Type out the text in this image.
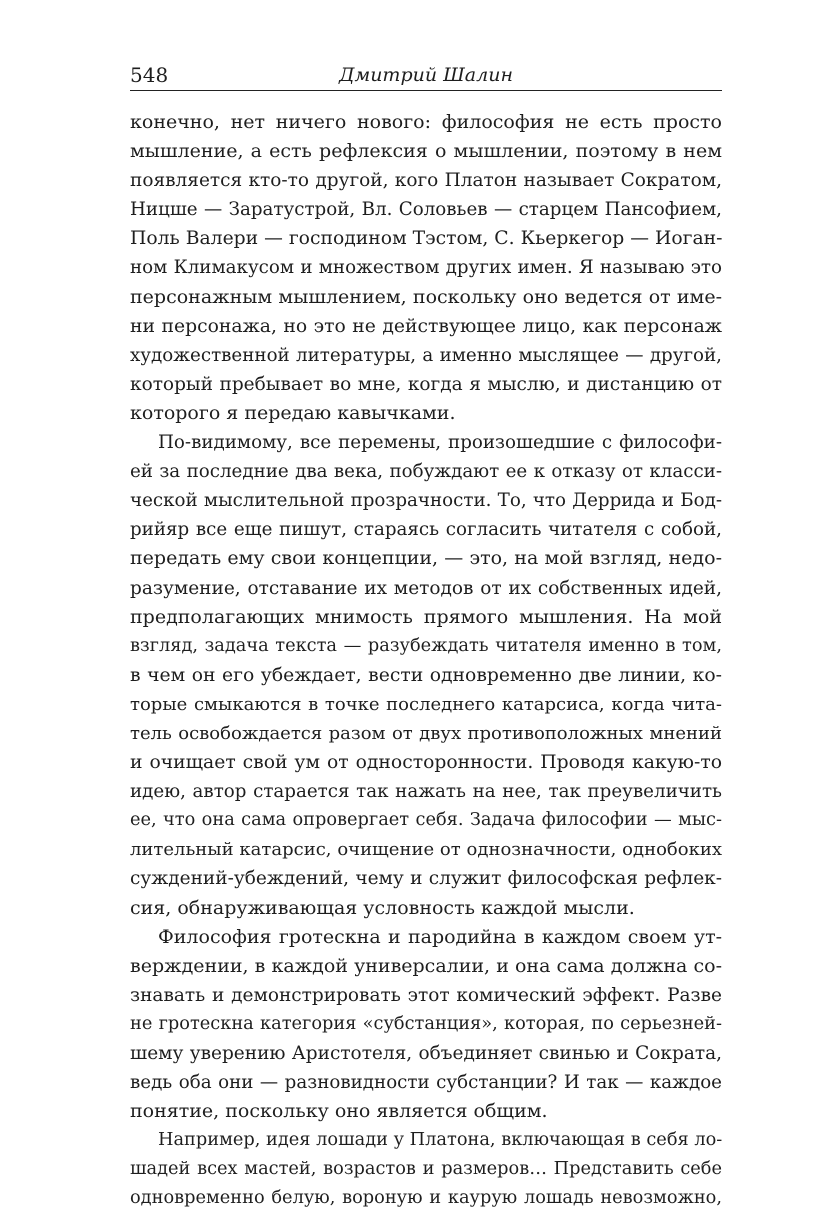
548	Дмитрий Шалин
конечно, нет ничего нового: философия не есть просто
мышление, а есть рефлексия о мышлении, поэтому в нем
появляется кто-то другой, кого Платон называет Сократом,
Ницше — Заратустрой, Вл. Соловьев — старцем Пансофием,
Поль Валери — господином Тэстом, С. Кьеркегор — Иоган-
ном Климакусом и множеством других имен. Я называю это
персонажным мышлением, поскольку оно ведется от име-
ни персонажа, но это не действующее лицо, как персонаж
художественной литературы, а именно мыслящее — другой,
который пребывает во мне, когда я мыслю, и дистанцию от
которого я передаю кавычками.
По-видимому, все перемены, произошедшие с философи-
ей за последние два века, побуждают ее к отказу от класси-
ческой мыслительной прозрачности. То, что Деррида и Бод-
рийяр все еще пишут, стараясь согласить читателя с собой,
передать ему свои концепции, — это, на мой взгляд, недо-
разумение, отставание их методов от их собственных идей,
предполагающих мнимость прямого мышления. На мой
взгляд, задача текста — разубеждать читателя именно в том,
в чем он его убеждает, вести одновременно две линии, ко-
торые смыкаются в точке последнего катарсиса, когда чита-
тель освобождается разом от двух противоположных мнений
и очищает свой ум от односторонности. Проводя какую-то
идею, автор старается так нажать на нее, так преувеличить
ее, что она сама опровергает себя. Задача философии — мыс-
лительный катарсис, очищение от однозначности, однобоких
суждений-убеждений, чему и служит философская рефлек-
сия, обнаруживающая условность каждой мысли.
Философия гротескна и пародийна в каждом своем ут-
верждении, в каждой универсалии, и она сама должна со-
знавать и демонстрировать этот комический эффект. Разве
не гротескна категория «субстанция», которая, по серьезней-
шему уверению Аристотеля, объединяет свинью и Сократа,
ведь оба они — разновидности субстанции? И так — каждое
понятие, поскольку оно является общим.
Например, идея лошади у Платона, включающая в себя ло-
шадей всех мастей, возрастов и размеров… Представить себе
одновременно белую, вороную и каурую лошадь невозможно,
